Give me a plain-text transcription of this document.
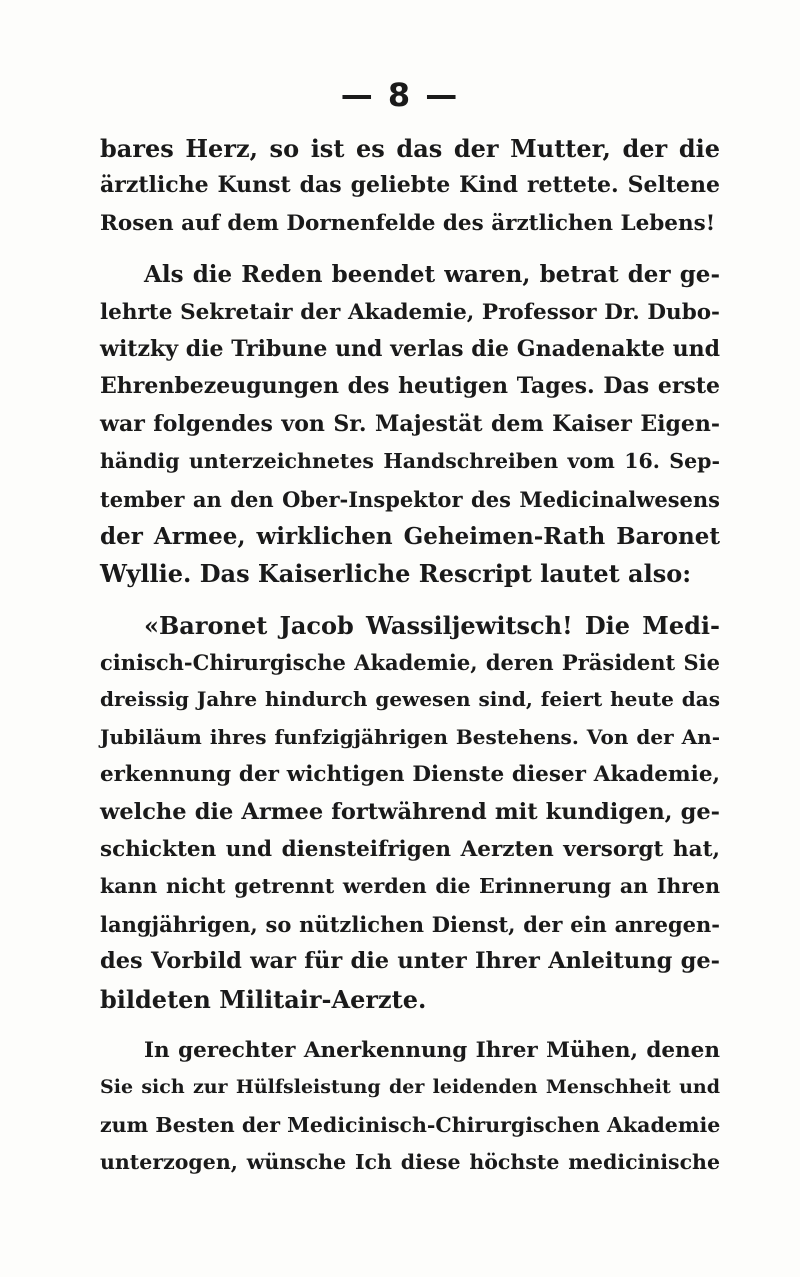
— 8 —
bares Herz, so ist es das der Mutter, der die
ärztliche Kunst das geliebte Kind rettete. Seltene
Rosen auf dem Dornenfelde des ärztlichen Lebens!
Als die Reden beendet waren, betrat der ge-
lehrte Sekretair der Akademie, Professor Dr. Dubo-
witzky die Tribune und verlas die Gnadenakte und
Ehrenbezeugungen des heutigen Tages. Das erste
war folgendes von Sr. Majestät dem Kaiser Eigen-
händig unterzeichnetes Handschreiben vom 16. Sep-
tember an den Ober-Inspektor des Medicinalwesens
der Armee, wirklichen Geheimen-Rath Baronet
Wyllie. Das Kaiserliche Rescript lautet also:
«Baronet Jacob Wassiljewitsch! Die Medi-
cinisch-Chirurgische Akademie, deren Präsident Sie
dreissig Jahre hindurch gewesen sind, feiert heute das
Jubiläum ihres funfzigjährigen Bestehens. Von der An-
erkennung der wichtigen Dienste dieser Akademie,
welche die Armee fortwährend mit kundigen, ge-
schickten und diensteifrigen Aerzten versorgt hat,
kann nicht getrennt werden die Erinnerung an Ihren
langjährigen, so nützlichen Dienst, der ein anregen-
des Vorbild war für die unter Ihrer Anleitung ge-
bildeten Militair-Aerzte.
In gerechter Anerkennung Ihrer Mühen, denen
Sie sich zur Hülfsleistung der leidenden Menschheit und
zum Besten der Medicinisch-Chirurgischen Akademie
unterzogen, wünsche Ich diese höchste medicinische
